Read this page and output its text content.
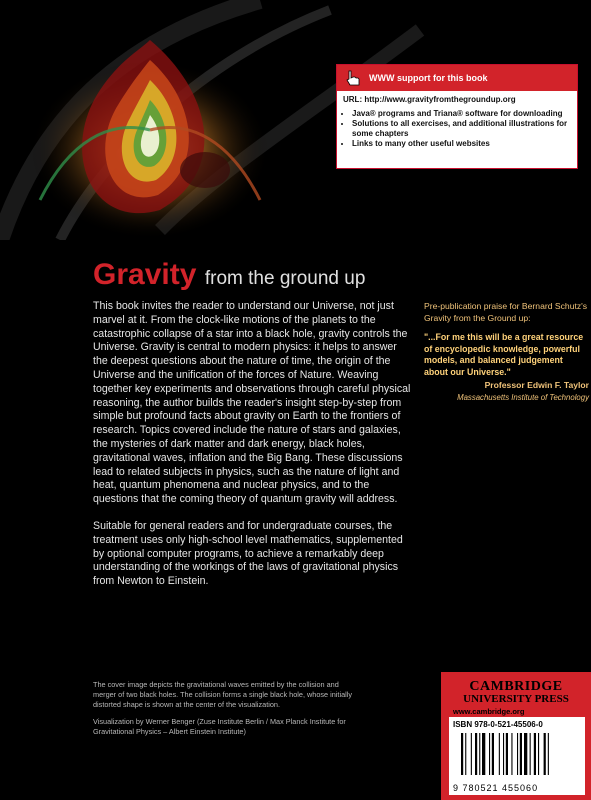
WWW support for this book
URL: http://www.gravityfromthegroundup.org
• Java® programs and Triana® software for downloading
• Solutions to all exercises, and additional illustrations for some chapters
• Links to many other useful websites
Gravity from the ground up

This book invites the reader to understand our Universe, not just marvel at it. From the clock-like motions of the planets to the catastrophic collapse of a star into a black hole, gravity controls the Universe. Gravity is central to modern physics: it helps to answer the deepest questions about the nature of time, the origin of the Universe and the unification of the forces of Nature. Weaving together key experiments and observations through careful physical reasoning, the author builds the reader's insight step-by-step from simple but profound facts about gravity on Earth to the frontiers of research. Topics covered include the nature of stars and galaxies, the mysteries of dark matter and dark energy, black holes, gravitational waves, inflation and the Big Bang. These discussions lead to related subjects in physics, such as the nature of light and heat, quantum phenomena and nuclear physics, and to the questions that the coming theory of quantum gravity will address.

Suitable for general readers and for undergraduate courses, the treatment uses only high-school level mathematics, supplemented by optional computer programs, to achieve a remarkably deep understanding of the workings of the laws of gravitational physics from Newton to Einstein.

Pre-publication praise for Bernard Schutz's Gravity from the Ground up:
"...For me this will be a great resource of encyclopedic knowledge, powerful models, and balanced judgement about our Universe."
Professor Edwin F. Taylor
Massachusetts Institute of Technology

The cover image depicts the gravitational waves emitted by the collision and merger of two black holes. The collision forms a single black hole, whose initially distorted shape is shown at the center of the visualization.

Visualization by Werner Benger (Zuse Institute Berlin / Max Planck Institute for Gravitational Physics – Albert Einstein Institute)

CAMBRIDGE
UNIVERSITY PRESS
www.cambridge.org
ISBN 978-0-521-45506-0
9 780521 455060
